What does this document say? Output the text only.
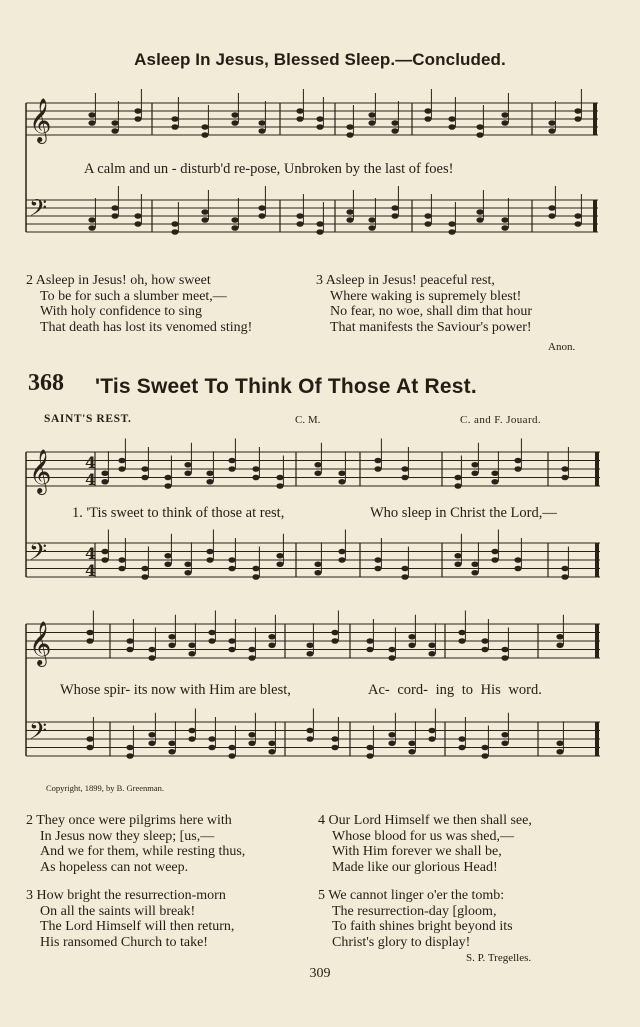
𝄞
𝄢
𝄞
𝄢
𝄞
𝄢
4
4
4
4
Asleep In Jesus, Blessed Sleep.—Concluded.
A calm and un - disturb'd re-pose, Unbroken by the last of foes!
2 Asleep in Jesus! oh, how sweet
To be for such a slumber meet,—
With holy confidence to sing
That death has lost its venomed sting!
3 Asleep in Jesus! peaceful rest,
Where waking is supremely blest!
No fear, no woe, shall dim that hour
That manifests the Saviour's power!
Anon.
368 'Tis Sweet To Think Of Those At Rest.
SAINT'S REST.	C. M.	C. and F. Jouard.
1. 'Tis sweet to think of those at rest,	Who sleep in Christ the Lord,—
Whose spir- its now with Him are blest,	Ac- cord- ing to His word.
Copyright, 1899, by B. Greenman.
2 They once were pilgrims here with
In Jesus now they sleep; [us,—
And we for them, while resting thus,
As hopeless can not weep.
4 Our Lord Himself we then shall see,
Whose blood for us was shed,—
With Him forever we shall be,
Made like our glorious Head!
3 How bright the resurrection-morn
On all the saints will break!
The Lord Himself will then return,
His ransomed Church to take!
5 We cannot linger o'er the tomb:
The resurrection-day [gloom,
To faith shines bright beyond its
Christ's glory to display!
S. P. Tregelles.
309
